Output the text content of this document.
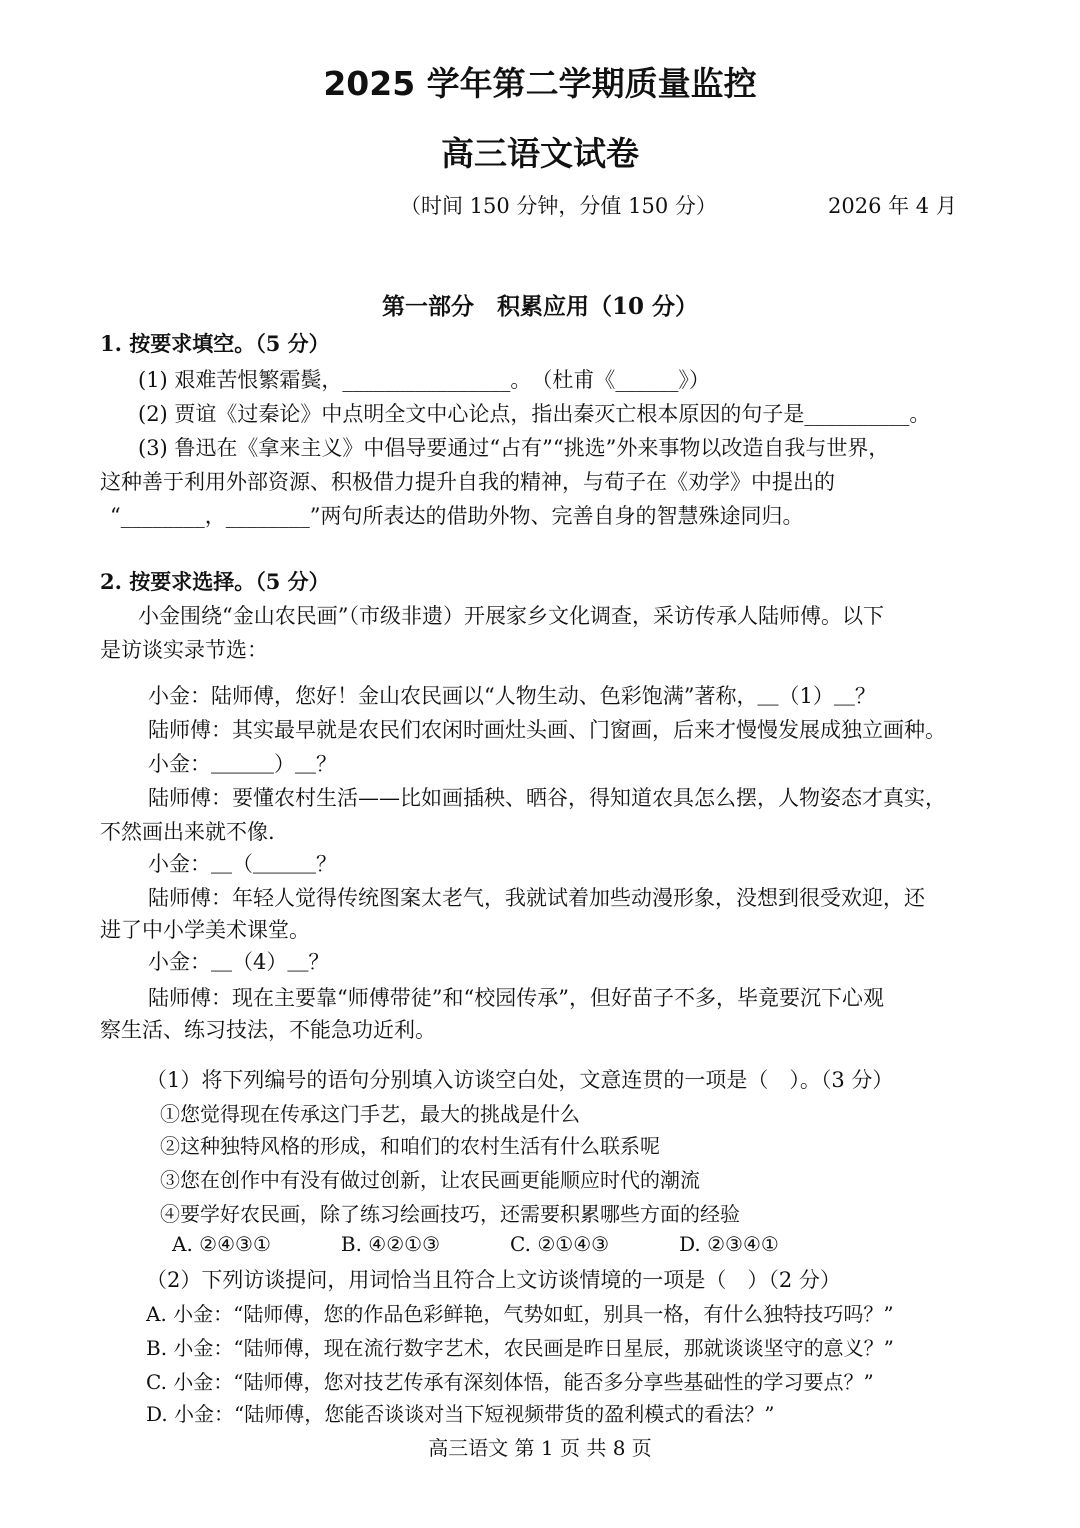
2025 学年第二学期质量监控
高三语文试卷
（时间 150 分钟，分值 150 分）	2026 年 4 月
第一部分　积累应用（10 分）
1. 按要求填空。（5 分）
(1) 艰难苦恨繁霜鬓，________________。　（杜甫《______》）
(2) 贾谊《过秦论》中点明全文中心论点，指出秦灭亡根本原因的句子是__________。
(3) 鲁迅在《拿来主义》中倡导要通过“占有”“挑选”外来事物以改造自我与世界，
这种善于利用外部资源、积极借力提升自我的精神，与荀子在《劝学》中提出的
“________，________”两句所表达的借助外物、完善自身的智慧殊途同归。
2. 按要求选择。（5 分）
小金围绕“金山农民画”（市级非遗）开展家乡文化调查，采访传承人陆师傅。以下
是访谈实录节选：
小金：陆师傅，您好！金山农民画以“人物生动、色彩饱满”著称，＿（1）＿？
陆师傅：其实最早就是农民们农闲时画灶头画、门窗画，后来才慢慢发展成独立画种。
小金：＿＿＿）＿？
陆师傅：要懂农村生活——比如画插秧、晒谷，得知道农具怎么摆，人物姿态才真实，
不然画出来就不像.
小金：＿（＿＿＿？
陆师傅：年轻人觉得传统图案太老气，我就试着加些动漫形象，没想到很受欢迎，还
进了中小学美术课堂。
小金：＿（4）＿？
陆师傅：现在主要靠“师傅带徒”和“校园传承”，但好苗子不多，毕竟要沉下心观
察生活、练习技法，不能急功近利。
（1）将下列编号的语句分别填入访谈空白处，文意连贯的一项是（　）。（3 分）
①您觉得现在传承这门手艺，最大的挑战是什么
②这种独特风格的形成，和咱们的农村生活有什么联系呢
③您在创作中有没有做过创新，让农民画更能顺应时代的潮流
④要学好农民画，除了练习绘画技巧，还需要积累哪些方面的经验
A. ②④③①	B. ④②①③	C. ②①④③	D. ②③④①
（2）下列访谈提问，用词恰当且符合上文访谈情境的一项是（　）（2 分）
A. 小金：“陆师傅，您的作品色彩鲜艳，气势如虹，别具一格，有什么独特技巧吗？”
B. 小金：“陆师傅，现在流行数字艺术，农民画是昨日星辰，那就谈谈坚守的意义？”
C. 小金：“陆师傅，您对技艺传承有深刻体悟，能否多分享些基础性的学习要点？”
D. 小金：“陆师傅，您能否谈谈对当下短视频带货的盈利模式的看法？”
高三语文 第 1 页 共 8 页
